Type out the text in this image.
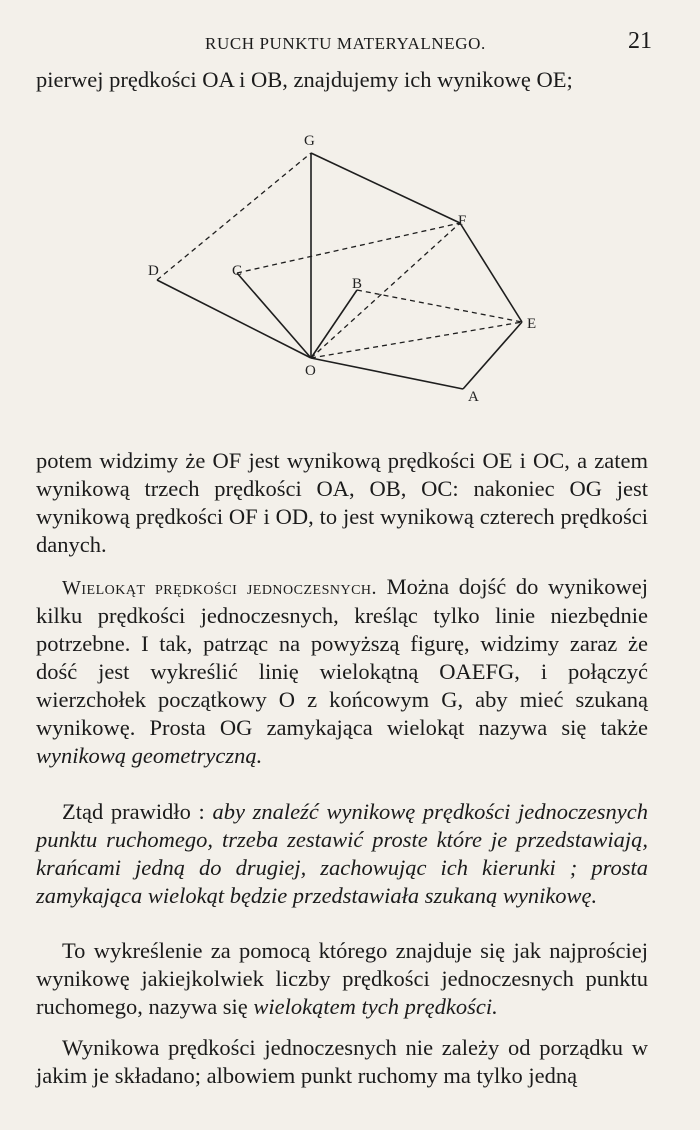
RUCH PUNKTU MATERYALNEGO.	21

pierwej prędkości OA i OB, znajdujemy ich wynikowę OE;

G
F
D	C
B
E
O
A

potem widzimy że OF jest wynikową prędkości OE i OC, a zatem wynikową trzech prędkości OA, OB, OC: nakoniec OG jest wynikową prędkości OF i OD, to jest wynikową czterech prędkości danych.

Wielokąt prędkości jednoczesnych. Można dojść do wynikowej kilku prędkości jednoczesnych, kreśląc tylko linie niezbędnie potrzebne. I tak, patrząc na powyższą figurę, widzimy zaraz że dość jest wykreślić linię wielokątną OAEFG, i połączyć wierzchołek początkowy O z końcowym G, aby mieć szukaną wynikowę. Prosta OG zamykająca wielokąt nazywa się także wynikową geometryczną.

Ztąd prawidło : aby znaleźć wynikowę prędkości jednoczesnych punktu ruchomego, trzeba zestawić proste które je przedstawiają, krańcami jedną do drugiej, zachowując ich kierunki ; prosta zamykająca wielokąt będzie przedstawiała szukaną wynikowę.

To wykreślenie za pomocą którego znajduje się jak najprościej wynikowę jakiejkolwiek liczby prędkości jednoczesnych punktu ruchomego, nazywa się wielokątem tych prędkości.

Wynikowa prędkości jednoczesnych nie zależy od porządku w jakim je składano; albowiem punkt ruchomy ma tylko jedną
